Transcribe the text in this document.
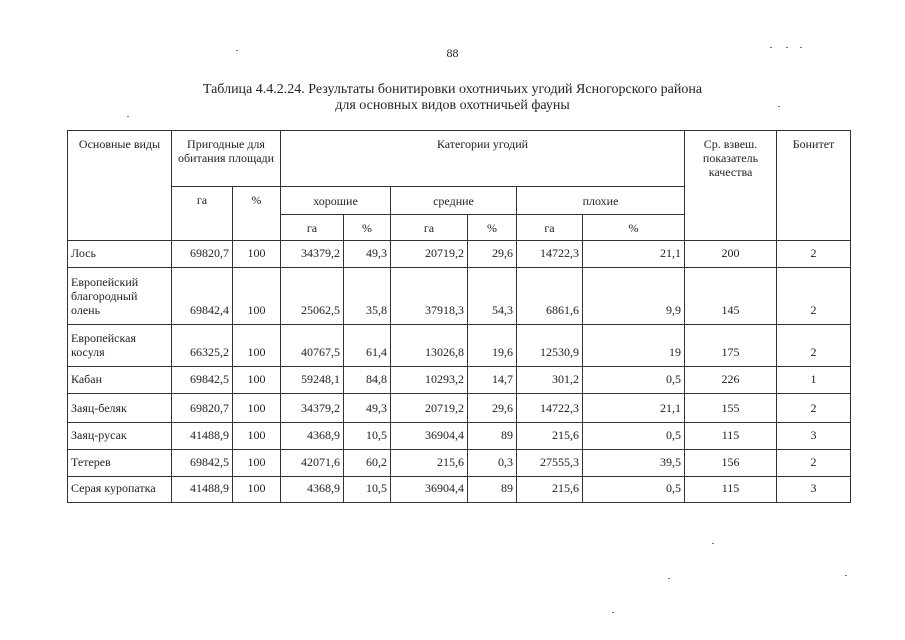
88
Таблица 4.4.2.24. Результаты бонитировки охотничьих угодий Ясногорского района
для основных видов охотничьей фауны
Основные виды	Пригодные для обитания площади		Категории угодий						Ср. взвеш. показатель качества	Бонитет
	га	%	хорошие		средние		плохие			
			га	%	га	%	га	%		
Лось	69820,7	100	34379,2	49,3	20719,2	29,6	14722,3	21,1	200	2
Европейский благородный олень	69842,4	100	25062,5	35,8	37918,3	54,3	6861,6	9,9	145	2
Европейская косуля	66325,2	100	40767,5	61,4	13026,8	19,6	12530,9	19	175	2
Кабан	69842,5	100	59248,1	84,8	10293,2	14,7	301,2	0,5	226	1
Заяц-беляк	69820,7	100	34379,2	49,3	20719,2	29,6	14722,3	21,1	155	2
Заяц-русак	41488,9	100	4368,9	10,5	36904,4	89	215,6	0,5	115	3
Тетерев	69842,5	100	42071,6	60,2	215,6	0,3	27555,3	39,5	156	2
Серая куропатка	41488,9	100	4368,9	10,5	36904,4	89	215,6	0,5	115	3
